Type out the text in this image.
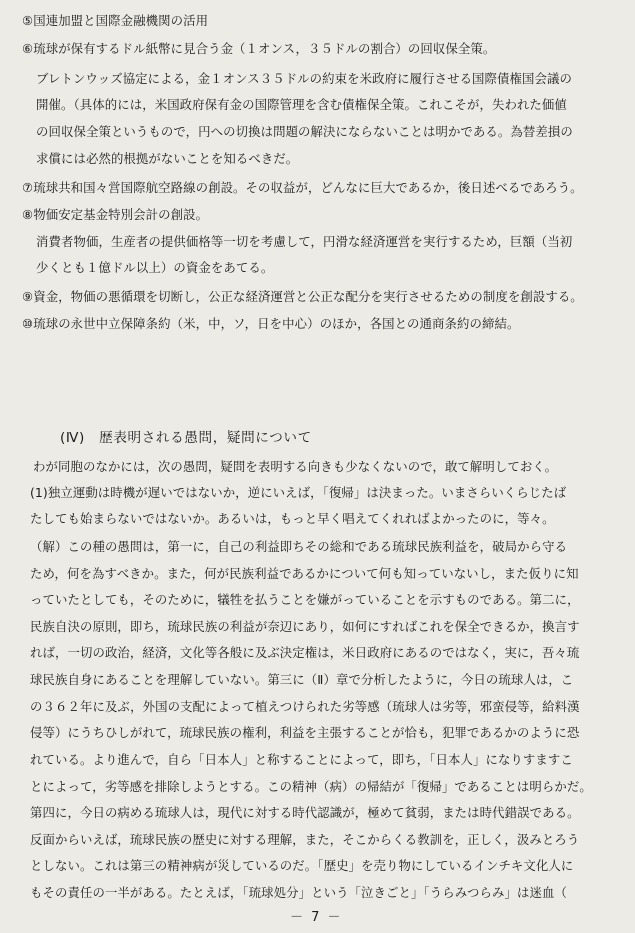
⑤国連加盟と国際金融機関の活用
⑥琉球が保有するドル紙幣に見合う金（１オンス，３５ドルの割合）の回収保全策。
ブレトンウッズ協定による，金１オンス３５ドルの約束を米政府に履行させる国際債権国会議の
開催。（具体的には，米国政府保有金の国際管理を含む債権保全策。これこそが，失われた価値
の回収保全策というもので，円への切換は問題の解決にならないことは明かである。為替差損の
求償には必然的根拠がないことを知るべきだ。
⑦琉球共和国々営国際航空路線の創設。その収益が，どんなに巨大であるか，後日述べるであろう。
⑧物価安定基金特別会計の創設。
消費者物価，生産者の提供価格等一切を考慮して，円滑な経済運営を実行するため，巨額（当初
少くとも１億ドル以上）の資金をあてる。
⑨資金，物価の悪循環を切断し，公正な経済運営と公正な配分を実行させるための制度を創設する。
⑩琉球の永世中立保障条約（米，中，ソ，日を中心）のほか，各国との通商条約の締結。
(Ⅳ)　歴表明される愚問，疑問について
わが同胞のなかには，次の愚問，疑問を表明する向きも少なくないので，敢て解明しておく。
(1)独立運動は時機が遅いではないか，逆にいえば，「復帰」は決まった。いまさらいくらじたば
たしても始まらないではないか。あるいは，もっと早く唱えてくれればよかったのに，等々。
（解）この種の愚問は，第一に，自己の利益即ちその総和である琉球民族利益を，破局から守る
ため，何を為すべきか。また，何が民族利益であるかについて何も知っていないし，また仮りに知
っていたとしても，そのために，犠牲を払うことを嫌がっていることを示すものである。第二に，
民族自決の原則，即ち，琉球民族の利益が奈辺にあり，如何にすればこれを保全できるか，換言す
れば，一切の政治，経済，文化等各般に及ぶ決定権は，米日政府にあるのではなく，実に，吾々琉
球民族自身にあることを理解していない。第三に（Ⅱ）章で分析したように，今日の琉球人は，こ
の３６２年に及ぶ，外国の支配によって植えつけられた劣等感（琉球人は劣等，邪蛮侵等，給料漢
侵等）にうちひしがれて，琉球民族の権利，利益を主張することが恰も，犯罪であるかのように恐
れている。より進んで，自ら「日本人」と称することによって，即ち，「日本人」になりすますこ
とによって，劣等感を排除しようとする。この精神（病）の帰結が「復帰」であることは明らかだ。
第四に，今日の病める琉球人は，現代に対する時代認識が，極めて貧弱，または時代錯誤である。
反面からいえば，琉球民族の歴史に対する理解，また，そこからくる教訓を，正しく，汲みとろう
としない。これは第三の精神病が災しているのだ。「歴史」を売り物にしているインチキ文化人に
もその責任の一半がある。たとえば，「琉球処分」という「泣きごと」「うらみつらみ」は迷血（
－ 7 －
